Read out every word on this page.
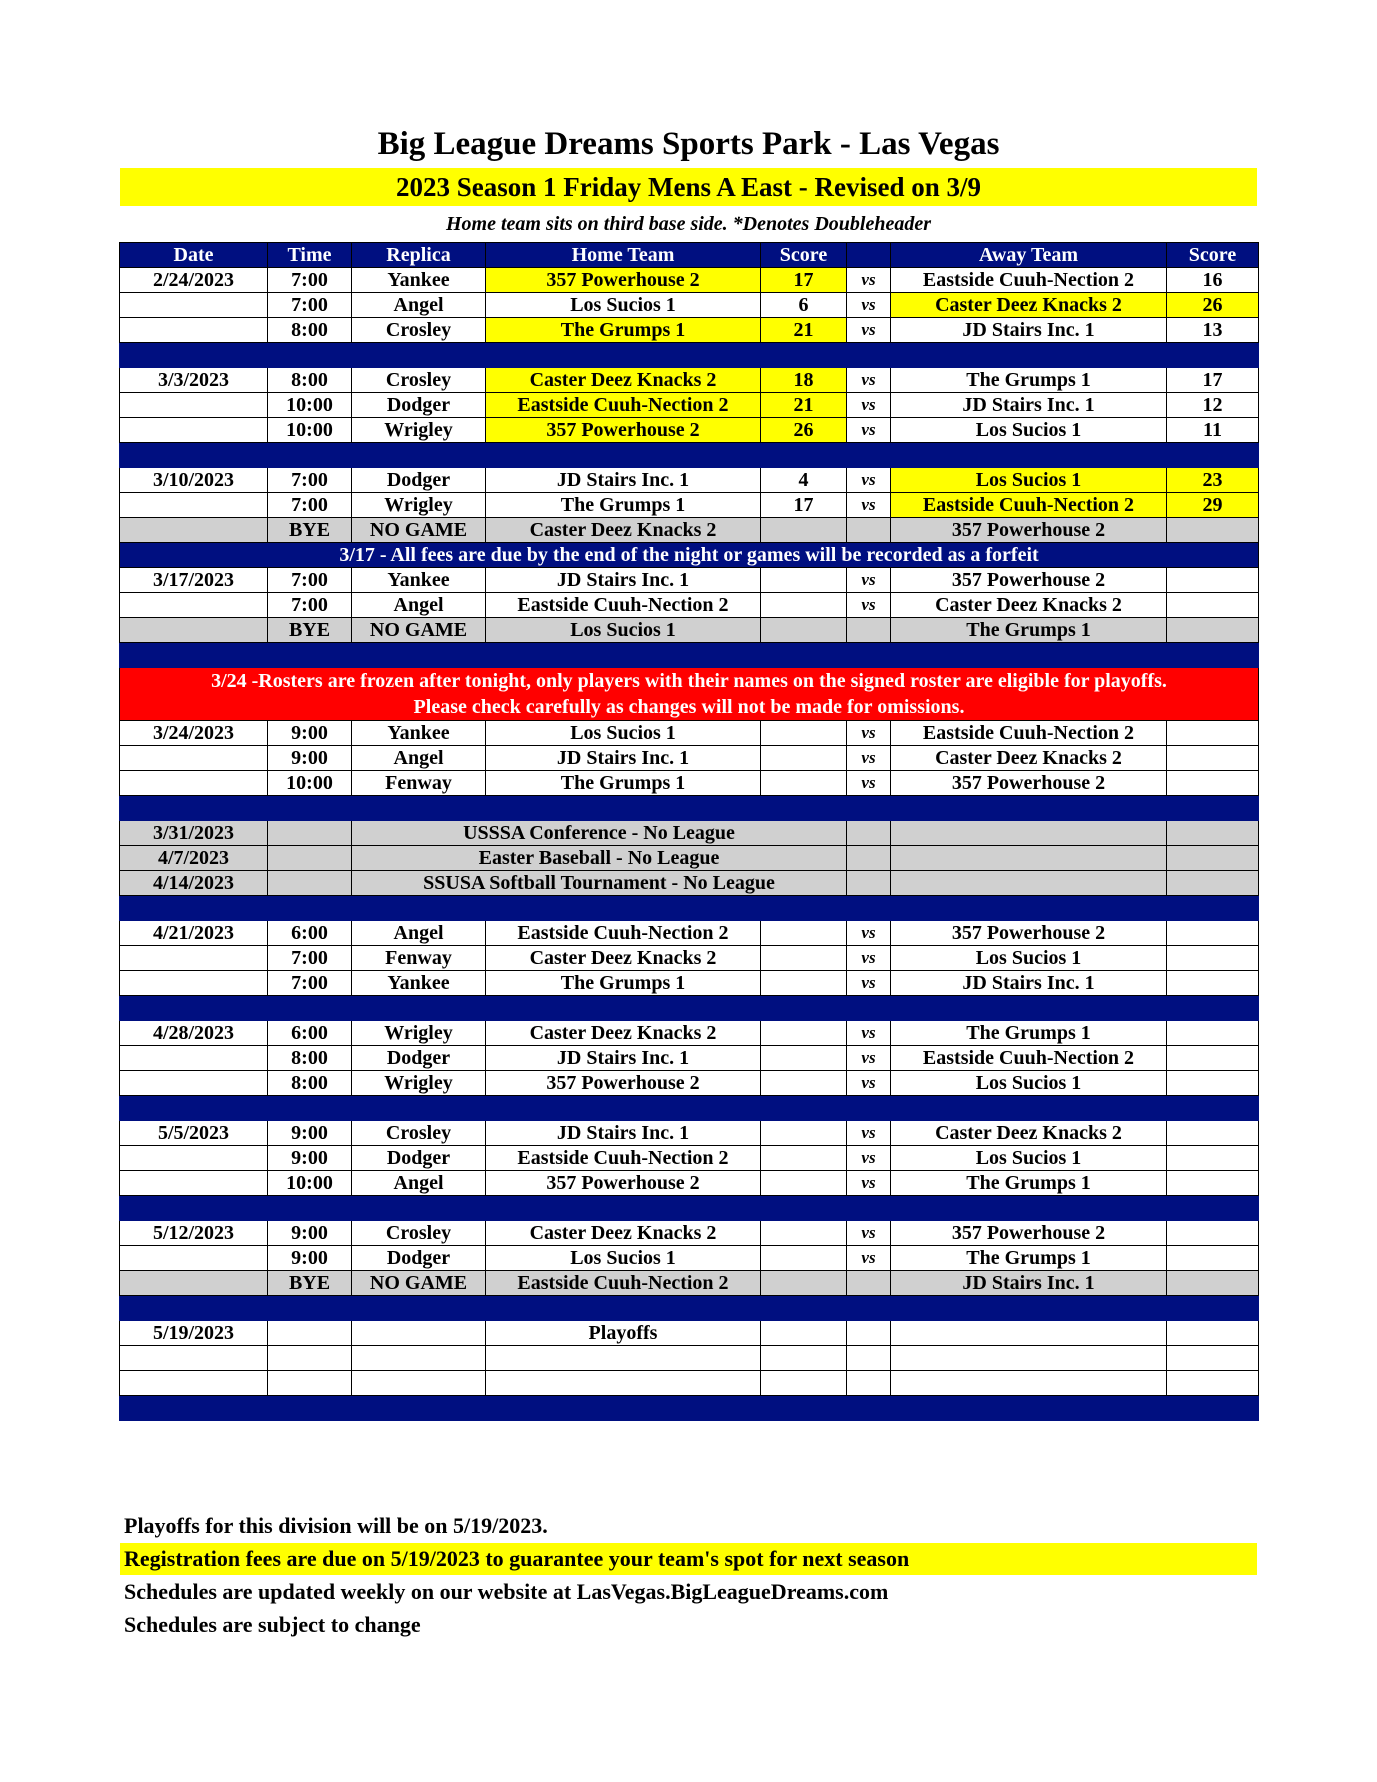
Big League Dreams Sports Park - Las Vegas
2023 Season 1 Friday Mens A East - Revised on 3/9
Home team sits on third base side. *Denotes Doubleheader
Date	Time	Replica	Home Team	Score		Away Team	Score
2/24/2023	7:00	Yankee	357 Powerhouse 2	17	vs	Eastside Cuuh-Nection 2	16
	7:00	Angel	Los Sucios 1	6	vs	Caster Deez Knacks 2	26
	8:00	Crosley	The Grumps 1	21	vs	JD Stairs Inc. 1	13

3/3/2023	8:00	Crosley	Caster Deez Knacks 2	18	vs	The Grumps 1	17
	10:00	Dodger	Eastside Cuuh-Nection 2	21	vs	JD Stairs Inc. 1	12
	10:00	Wrigley	357 Powerhouse 2	26	vs	Los Sucios 1	11

3/10/2023	7:00	Dodger	JD Stairs Inc. 1	4	vs	Los Sucios 1	23
	7:00	Wrigley	The Grumps 1	17	vs	Eastside Cuuh-Nection 2	29
	BYE	NO GAME	Caster Deez Knacks 2			357 Powerhouse 2	
3/17 - All fees are due by the end of the night or games will be recorded as a forfeit							
3/17/2023	7:00	Yankee	JD Stairs Inc. 1		vs	357 Powerhouse 2	
	7:00	Angel	Eastside Cuuh-Nection 2		vs	Caster Deez Knacks 2	
	BYE	NO GAME	Los Sucios 1			The Grumps 1	

3/24 -Rosters are frozen after tonight, only players with their names on the signed roster are eligible for playoffs.
Please check carefully as changes will not be made for omissions.							

3/24/2023	9:00	Yankee	Los Sucios 1		vs	Eastside Cuuh-Nection 2	
	9:00	Angel	JD Stairs Inc. 1		vs	Caster Deez Knacks 2	
	10:00	Fenway	The Grumps 1		vs	357 Powerhouse 2	

3/31/2023		USSSA Conference - No League					
4/7/2023		Easter Baseball - No League					
4/14/2023		SSUSA Softball Tournament - No League					

4/21/2023	6:00	Angel	Eastside Cuuh-Nection 2		vs	357 Powerhouse 2	
	7:00	Fenway	Caster Deez Knacks 2		vs	Los Sucios 1	
	7:00	Yankee	The Grumps 1		vs	JD Stairs Inc. 1	

4/28/2023	6:00	Wrigley	Caster Deez Knacks 2		vs	The Grumps 1	
	8:00	Dodger	JD Stairs Inc. 1		vs	Eastside Cuuh-Nection 2	
	8:00	Wrigley	357 Powerhouse 2		vs	Los Sucios 1	

5/5/2023	9:00	Crosley	JD Stairs Inc. 1		vs	Caster Deez Knacks 2	
	9:00	Dodger	Eastside Cuuh-Nection 2		vs	Los Sucios 1	
	10:00	Angel	357 Powerhouse 2		vs	The Grumps 1	

5/12/2023	9:00	Crosley	Caster Deez Knacks 2		vs	357 Powerhouse 2	
	9:00	Dodger	Los Sucios 1		vs	The Grumps 1	
	BYE	NO GAME	Eastside Cuuh-Nection 2			JD Stairs Inc. 1	

5/19/2023			Playoffs				

Playoffs for this division will be on 5/19/2023.
Registration fees are due on 5/19/2023 to guarantee your team's spot for next season
Schedules are updated weekly on our website at LasVegas.BigLeagueDreams.com
Schedules are subject to change
